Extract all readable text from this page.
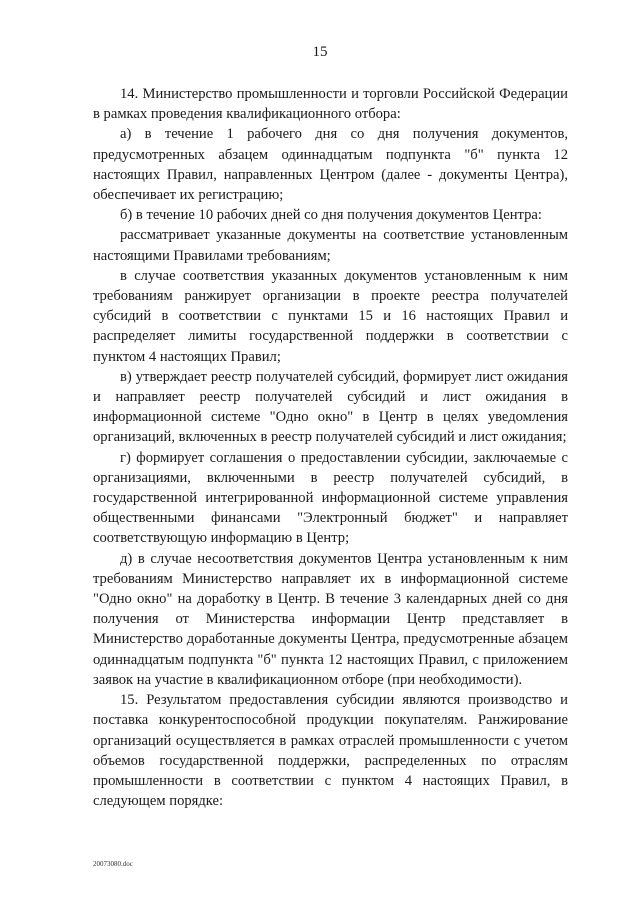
15

14. Министерство промышленности и торговли Российской Федерации в рамках проведения квалификационного отбора:

а) в течение 1 рабочего дня со дня получения документов, предусмотренных абзацем одиннадцатым подпункта "б" пункта 12 настоящих Правил, направленных Центром (далее - документы Центра), обеспечивает их регистрацию;

б) в течение 10 рабочих дней со дня получения документов Центра:

рассматривает указанные документы на соответствие установленным настоящими Правилами требованиям;

в случае соответствия указанных документов установленным к ним требованиям ранжирует организации в проекте реестра получателей субсидий в соответствии с пунктами 15 и 16 настоящих Правил и распределяет лимиты государственной поддержки в соответствии с пунктом 4 настоящих Правил;

в) утверждает реестр получателей субсидий, формирует лист ожидания и направляет реестр получателей субсидий и лист ожидания в информационной системе "Одно окно" в Центр в целях уведомления организаций, включенных в реестр получателей субсидий и лист ожидания;

г) формирует соглашения о предоставлении субсидии, заключаемые с организациями, включенными в реестр получателей субсидий, в государственной интегрированной информационной системе управления общественными финансами "Электронный бюджет" и направляет соответствующую информацию в Центр;

д) в случае несоответствия документов Центра установленным к ним требованиям Министерство направляет их в информационной системе "Одно окно" на доработку в Центр. В течение 3 календарных дней со дня получения от Министерства информации Центр представляет в Министерство доработанные документы Центра, предусмотренные абзацем одиннадцатым подпункта "б" пункта 12 настоящих Правил, с приложением заявок на участие в квалификационном отборе (при необходимости).

15. Результатом предоставления субсидии являются производство и поставка конкурентоспособной продукции покупателям. Ранжирование организаций осуществляется в рамках отраслей промышленности с учетом объемов государственной поддержки, распределенных по отраслям промышленности в соответствии с пунктом 4 настоящих Правил, в следующем порядке:

20073080.doc
